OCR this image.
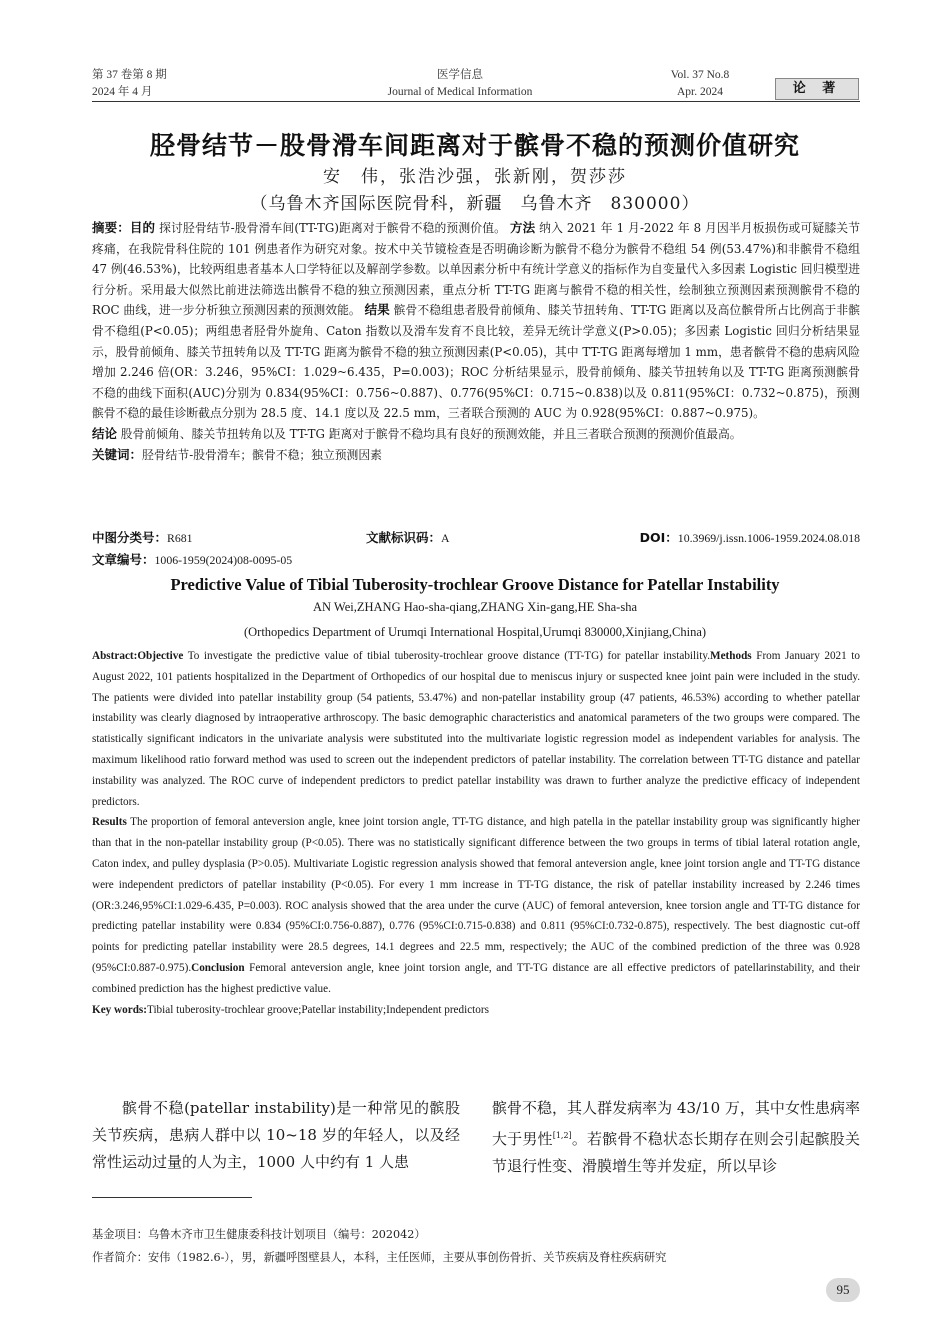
第 37 卷第 8 期
2024 年 4 月
医学信息
Journal of Medical Information
Vol. 37 No.8
Apr. 2024	论 著
胫骨结节－股骨滑车间距离对于髌骨不稳的预测价值研究
安　伟，张浩沙强，张新刚，贺莎莎
（乌鲁木齐国际医院骨科，新疆　乌鲁木齐　830000）
摘要：目的 探讨胫骨结节-股骨滑车间(TT-TG)距离对于髌骨不稳的预测价值。 方法 纳入 2021 年 1 月-2022 年 8 月因半月板损伤或可疑膝关节疼痛，在我院骨科住院的 101 例患者作为研究对象。按术中关节镜检查是否明确诊断为髌骨不稳分为髌骨不稳组 54 例(53.47%)和非髌骨不稳组 47 例(46.53%)，比较两组患者基本人口学特征以及解剖学参数。以单因素分析中有统计学意义的指标作为自变量代入多因素 Logistic 回归模型进行分析。采用最大似然比前进法筛选出髌骨不稳的独立预测因素，重点分析 TT-TG 距离与髌骨不稳的相关性，绘制独立预测因素预测髌骨不稳的 ROC 曲线，进一步分析独立预测因素的预测效能。 结果 髌骨不稳组患者股骨前倾角、膝关节扭转角、TT-TG 距离以及高位髌骨所占比例高于非髌骨不稳组(P<0.05)；两组患者胫骨外旋角、Caton 指数以及滑车发育不良比较，差异无统计学意义(P>0.05)；多因素 Logistic 回归分析结果显示，股骨前倾角、膝关节扭转角以及 TT-TG 距离为髌骨不稳的独立预测因素(P<0.05)，其中 TT-TG 距离每增加 1 mm，患者髌骨不稳的患病风险增加 2.246 倍(OR：3.246，95%CI：1.029~6.435，P=0.003)；ROC 分析结果显示，股骨前倾角、膝关节扭转角以及 TT-TG 距离预测髌骨不稳的曲线下面积(AUC)分别为 0.834(95%CI：0.756~0.887)、0.776(95%CI：0.715~0.838)以及 0.811(95%CI：0.732~0.875)，预测髌骨不稳的最佳诊断截点分别为 28.5 度、14.1 度以及 22.5 mm，三者联合预测的 AUC 为 0.928(95%CI：0.887~0.975)。
结论 股骨前倾角、膝关节扭转角以及 TT-TG 距离对于髌骨不稳均具有良好的预测效能，并且三者联合预测的预测价值最高。
关键词：胫骨结节-股骨滑车；髌骨不稳；独立预测因素
中图分类号：R681	文献标识码：A	DOI：10.3969/j.issn.1006-1959.2024.08.018
文章编号：1006-1959(2024)08-0095-05
Predictive Value of Tibial Tuberosity-trochlear Groove Distance for Patellar Instability
AN Wei,ZHANG Hao-sha-qiang,ZHANG Xin-gang,HE Sha-sha
(Orthopedics Department of Urumqi International Hospital,Urumqi 830000,Xinjiang,China)
Abstract:Objective To investigate the predictive value of tibial tuberosity-trochlear groove distance (TT-TG) for patellar instability.Methods From January 2021 to August 2022, 101 patients hospitalized in the Department of Orthopedics of our hospital due to meniscus injury or suspected knee joint pain were included in the study. The patients were divided into patellar instability group (54 patients, 53.47%) and non-patellar instability group (47 patients, 46.53%) according to whether patellar instability was clearly diagnosed by intraoperative arthroscopy. The basic demographic characteristics and anatomical parameters of the two groups were compared. The statistically significant indicators in the univariate analysis were substituted into the multivariate logistic regression model as independent variables for analysis. The maximum likelihood ratio forward method was used to screen out the independent predictors of patellar instability. The correlation between TT-TG distance and patellar instability was analyzed. The ROC curve of independent predictors to predict patellar instability was drawn to further analyze the predictive efficacy of independent predictors.
Results The proportion of femoral anteversion angle, knee joint torsion angle, TT-TG distance, and high patella in the patellar instability group was significantly higher than that in the non-patellar instability group (P<0.05). There was no statistically significant difference between the two groups in terms of tibial lateral rotation angle, Caton index, and pulley dysplasia (P>0.05). Multivariate Logistic regression analysis showed that femoral anteversion angle, knee joint torsion angle and TT-TG distance were independent predictors of patellar instability (P<0.05). For every 1 mm increase in TT-TG distance, the risk of patellar instability increased by 2.246 times (OR:3.246,95%CI:1.029-6.435, P=0.003). ROC analysis showed that the area under the curve (AUC) of femoral anteversion, knee torsion angle and TT-TG distance for predicting patellar instability were 0.834 (95%CI:0.756-0.887), 0.776 (95%CI:0.715-0.838) and 0.811 (95%CI:0.732-0.875), respectively. The best diagnostic cut-off points for predicting patellar instability were 28.5 degrees, 14.1 degrees and 22.5 mm, respectively; the AUC of the combined prediction of the three was 0.928 (95%CI:0.887-0.975).Conclusion Femoral anteversion angle, knee joint torsion angle, and TT-TG distance are all effective predictors of patellarinstability, and their combined prediction has the highest predictive value.
Key words:Tibial tuberosity-trochlear groove;Patellar instability;Independent predictors
髌骨不稳(patellar instability)是一种常见的髌股关节疾病，患病人群中以 10~18 岁的年轻人，以及经常性运动过量的人为主，1000 人中约有 1 人患
髌骨不稳，其人群发病率为 43/10 万，其中女性患病率大于男性[1,2]。若髌骨不稳状态长期存在则会引起髌股关节退行性变、滑膜增生等并发症，所以早诊
基金项目：乌鲁木齐市卫生健康委科技计划项目（编号：202042）
作者简介：安伟（1982.6-），男，新疆呼图壁县人，本科，主任医师，主要从事创伤骨折、关节疾病及脊柱疾病研究
95
